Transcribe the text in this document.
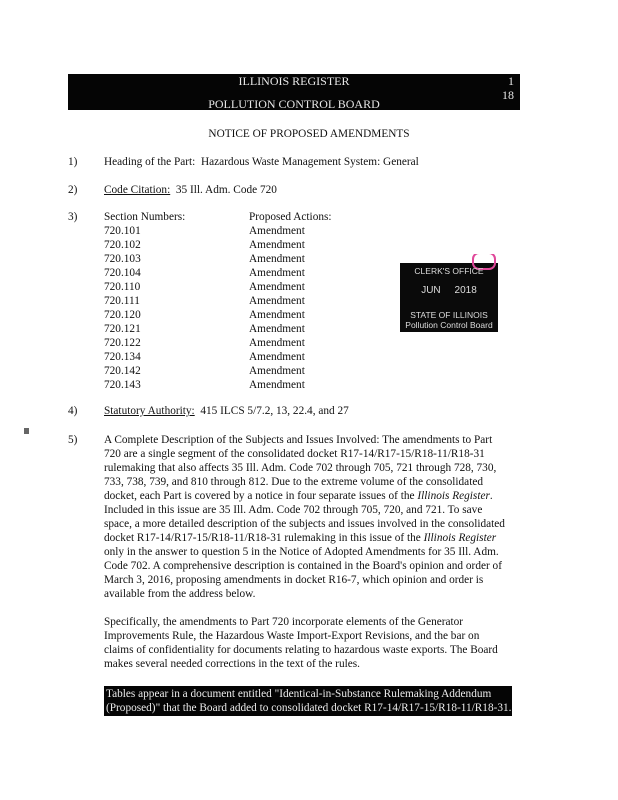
ILLINOIS REGISTER	1
18
POLLUTION CONTROL BOARD
NOTICE OF PROPOSED AMENDMENTS
1) Heading of the Part: Hazardous Waste Management System: General
2) Code Citation: 35 Ill. Adm. Code 720
3) Section Numbers:	Proposed Actions:
720.101	Amendment
720.102	Amendment
720.103	Amendment
720.104	Amendment
720.110	Amendment
720.111	Amendment
720.120	Amendment
720.121	Amendment
720.122	Amendment
720.134	Amendment
720.142	Amendment
720.143	Amendment
CLERK'S OFFICE
JUN 2018
STATE OF ILLINOIS
Pollution Control Board
4) Statutory Authority: 415 ILCS 5/7.2, 13, 22.4, and 27
5) A Complete Description of the Subjects and Issues Involved: The amendments to Part
720 are a single segment of the consolidated docket R17-14/R17-15/R18-11/R18-31
rulemaking that also affects 35 Ill. Adm. Code 702 through 705, 721 through 728, 730,
733, 738, 739, and 810 through 812. Due to the extreme volume of the consolidated
docket, each Part is covered by a notice in four separate issues of the Illinois Register.
Included in this issue are 35 Ill. Adm. Code 702 through 705, 720, and 721. To save
space, a more detailed description of the subjects and issues involved in the consolidated
docket R17-14/R17-15/R18-11/R18-31 rulemaking in this issue of the Illinois Register
only in the answer to question 5 in the Notice of Adopted Amendments for 35 Ill. Adm.
Code 702. A comprehensive description is contained in the Board's opinion and order of
March 3, 2016, proposing amendments in docket R16-7, which opinion and order is
available from the address below.
Specifically, the amendments to Part 720 incorporate elements of the Generator
Improvements Rule, the Hazardous Waste Import-Export Revisions, and the bar on
claims of confidentiality for documents relating to hazardous waste exports. The Board
makes several needed corrections in the text of the rules.
Tables appear in a document entitled "Identical-in-Substance Rulemaking Addendum
(Proposed)" that the Board added to consolidated docket R17-14/R17-15/R18-11/R18-31.
